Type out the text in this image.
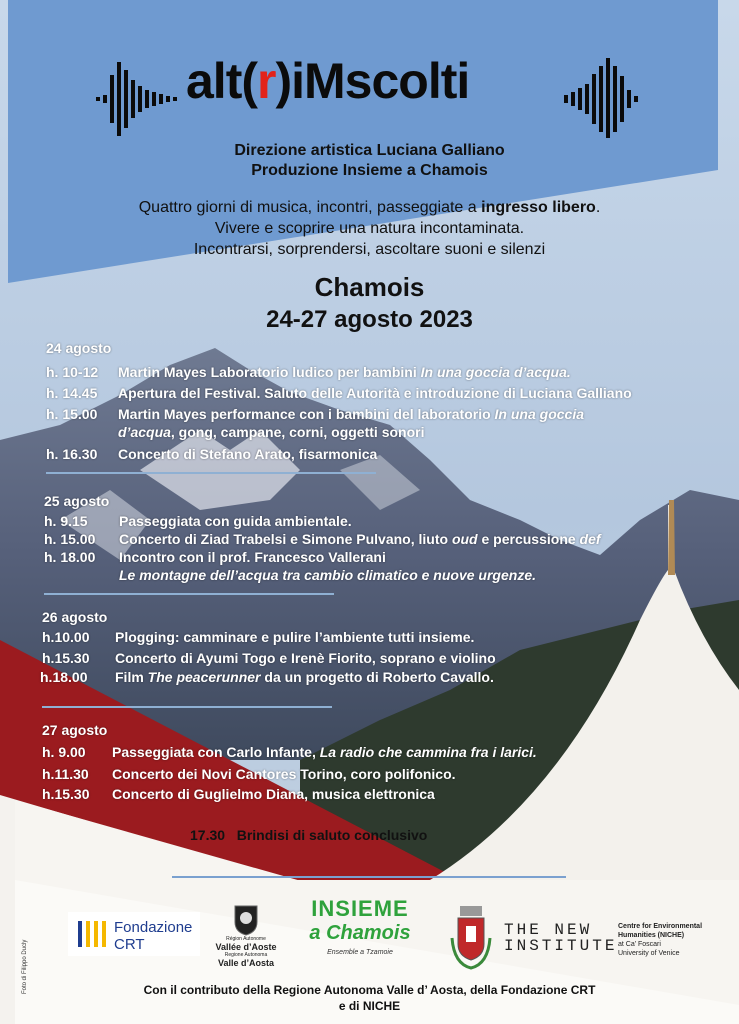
alt(r)iMscolti
Direzione artistica Luciana Galliano
Produzione Insieme a Chamois
Quattro giorni di musica, incontri, passeggiate a ingresso libero.
Vivere e scoprire una natura incontaminata.
Incontrarsi, sorprendersi, ascoltare suoni e silenzi
Chamois
24-27 agosto 2023
24 agosto
h. 10-12 Martin Mayes Laboratorio ludico per bambini In una goccia d’acqua.
h. 14.45 Apertura del Festival. Saluto delle Autorità e introduzione di Luciana Galliano
h. 15.00 Martin Mayes performance con i bambini del laboratorio In una goccia
d’acqua, gong, campane, corni, oggetti sonori
h. 16.30 Concerto di Stefano Arato, fisarmonica
25 agosto
h. 9.15 Passeggiata con guida ambientale.
h. 15.00 Concerto di Ziad Trabelsi e Simone Pulvano, liuto oud e percussione def
h. 18.00 Incontro con il prof. Francesco Vallerani
Le montagne dell’acqua tra cambio climatico e nuove urgenze.
26 agosto
h.10.00 Plogging: camminare e pulire l’ambiente tutti insieme.
h.15.30 Concerto di Ayumi Togo e Irenè Fiorito, soprano e violino
h.18.00 Film The peacerunner da un progetto di Roberto Cavallo.
27 agosto
h. 9.00 Passeggiata con Carlo Infante, La radio che cammina fra i larici.
h.11.30 Concerto dei Novi Cantores Torino, coro polifonico.
h.15.30 Concerto di Guglielmo Diana, musica elettronica
17.30 Brindisi di saluto conclusivo
Fondazione
CRT	Région Autonome
Vallée d’Aoste
Regione Autonoma
Valle d’Aosta
INSIEME
a Chamois
Ensemble a Tzamoie
THE NEW INSTITUTE
Centre for Environmental
Humanities (NICHE)
at Ca’ Foscari
University of Venice
Con il contributo della Regione Autonoma Valle d’ Aosta, della Fondazione CRT
e di NICHE
Foto di Filippo Ducly
